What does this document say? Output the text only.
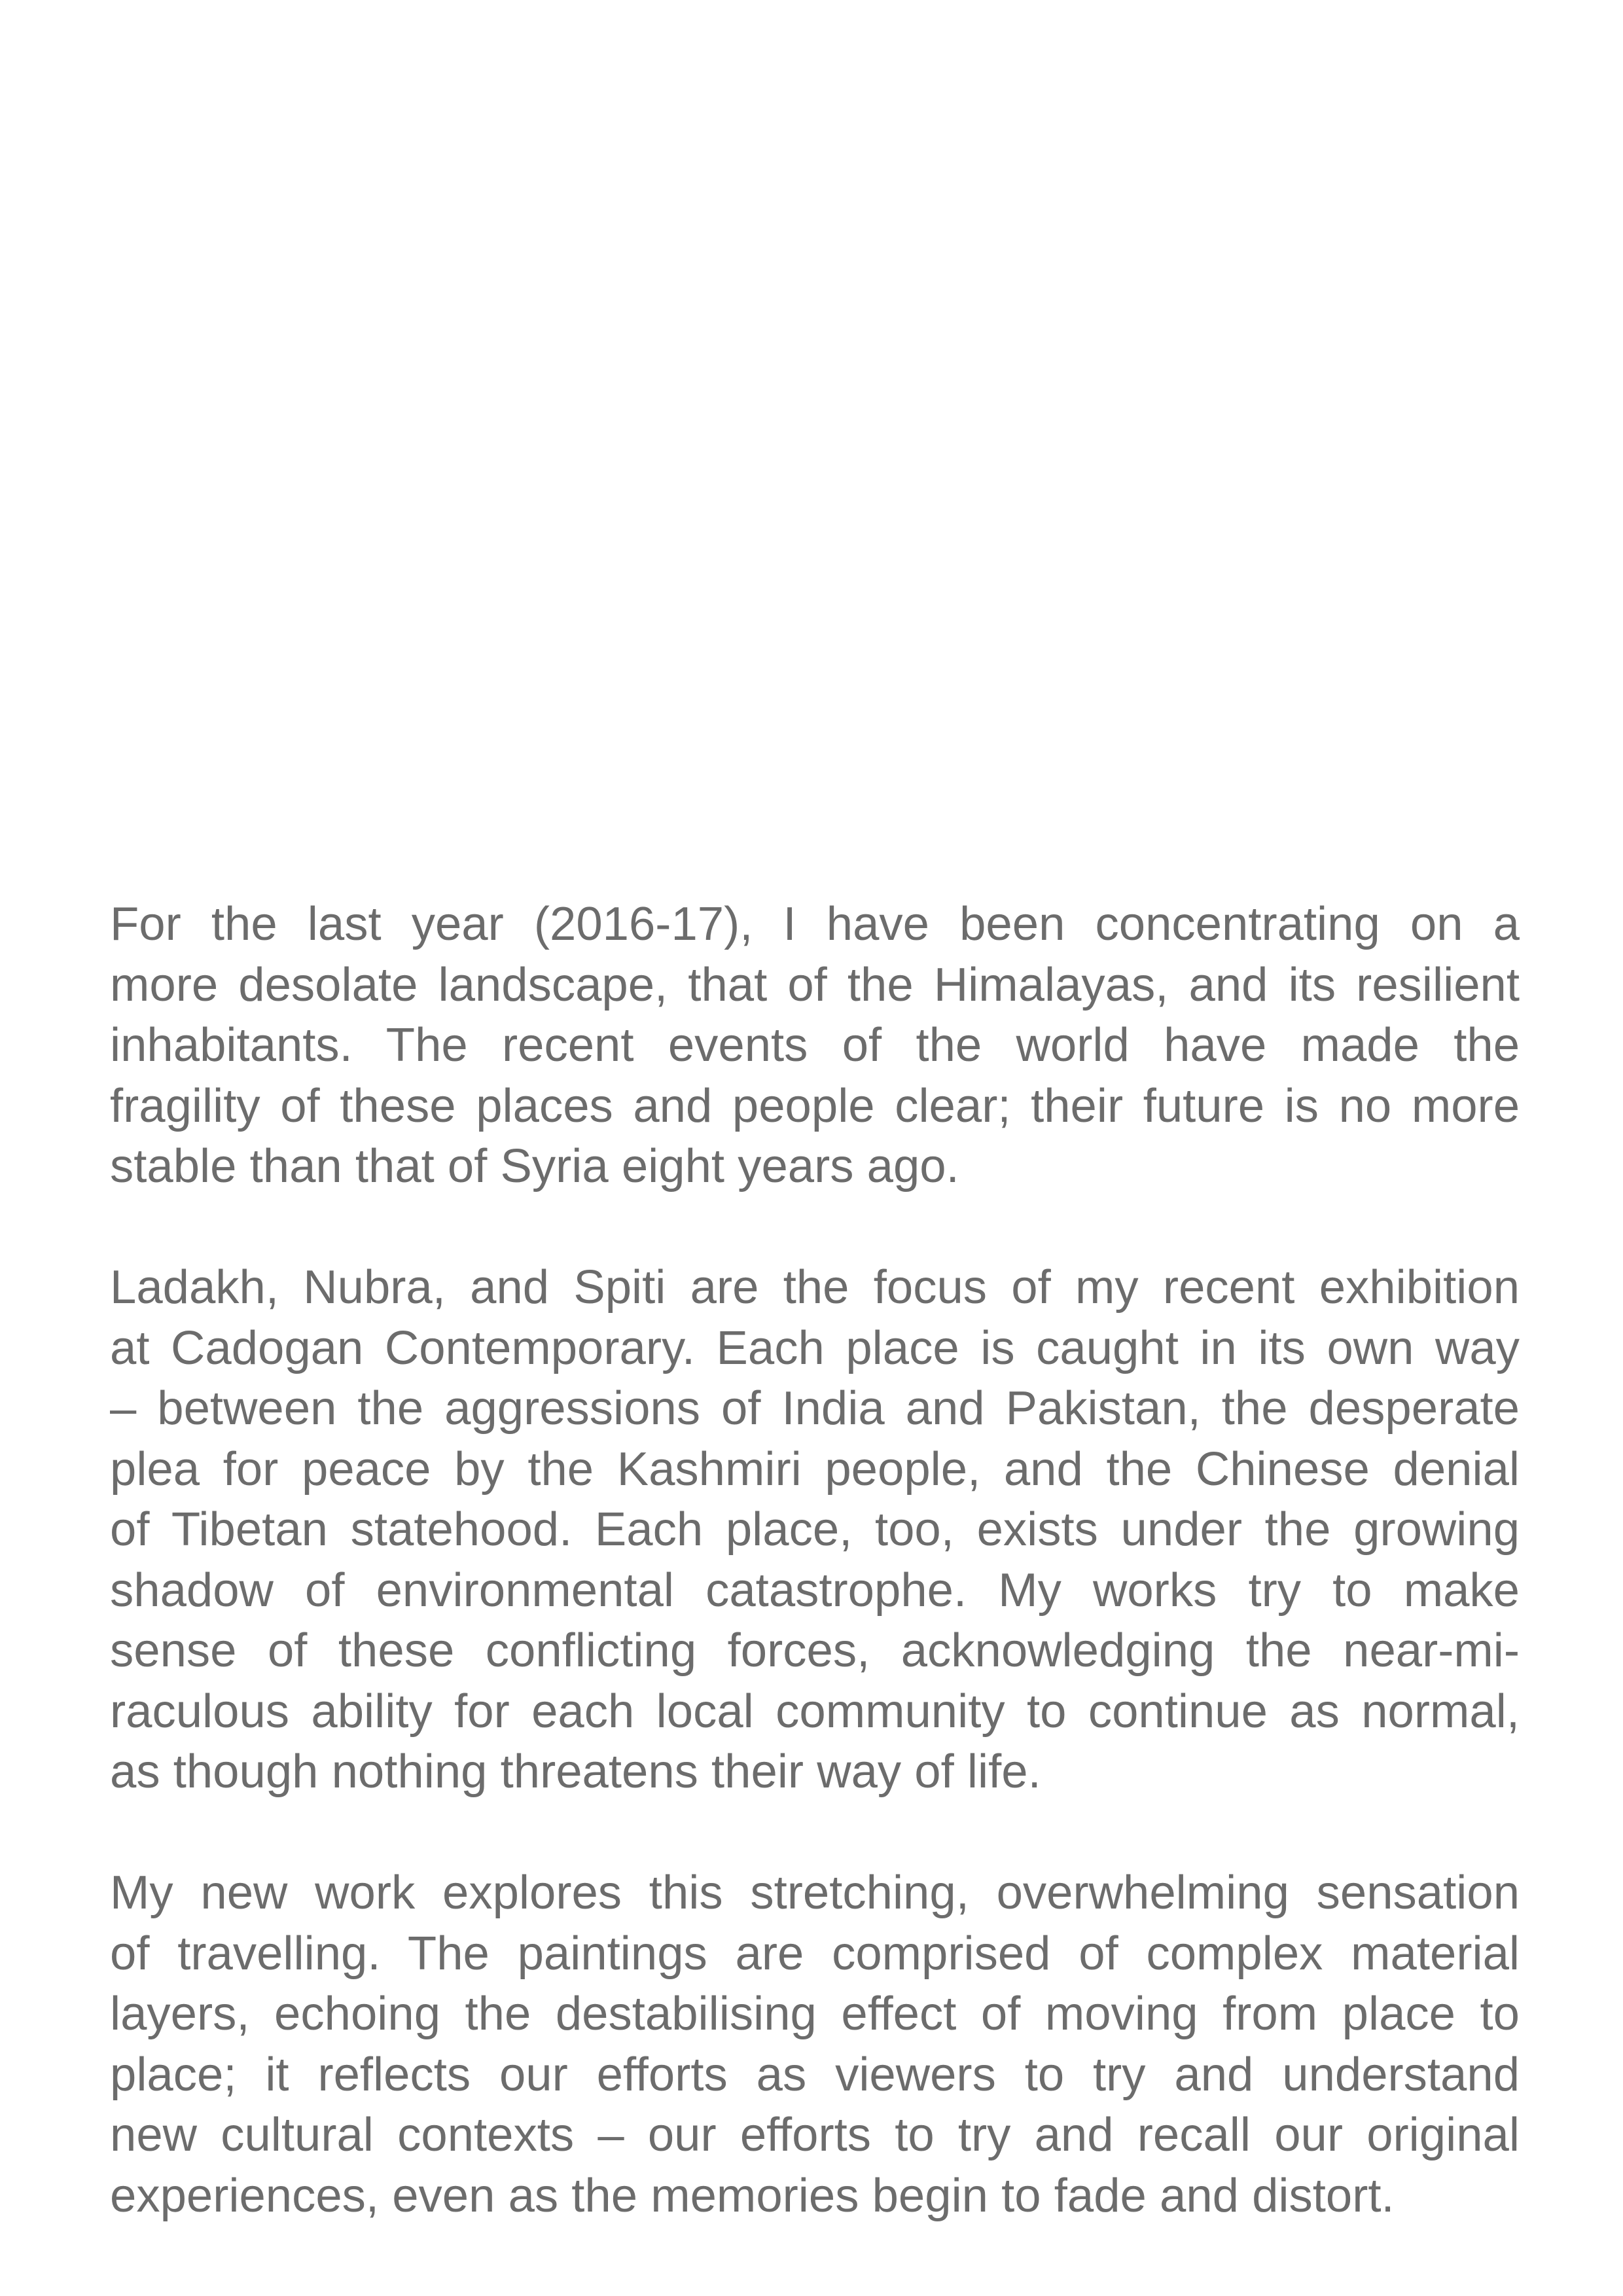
For the last year (2016-17), I have been concentrating on a
more desolate landscape, that of the Himalayas, and its resilient
inhabitants. The recent events of the world have made the
fragility of these places and people clear; their future is no more
stable than that of Syria eight years ago.
Ladakh, Nubra, and Spiti are the focus of my recent exhibition
at Cadogan Contemporary. Each place is caught in its own way
– between the aggressions of India and Pakistan, the desperate
plea for peace by the Kashmiri people, and the Chinese denial
of Tibetan statehood. Each place, too, exists under the growing
shadow of environmental catastrophe. My works try to make
sense of these conflicting forces, acknowledging the near-mi-
raculous ability for each local community to continue as normal,
as though nothing threatens their way of life.
My new work explores this stretching, overwhelming sensation
of travelling. The paintings are comprised of complex material
layers, echoing the destabilising effect of moving from place to
place; it reflects our efforts as viewers to try and understand
new cultural contexts – our efforts to try and recall our original
experiences, even as the memories begin to fade and distort.
